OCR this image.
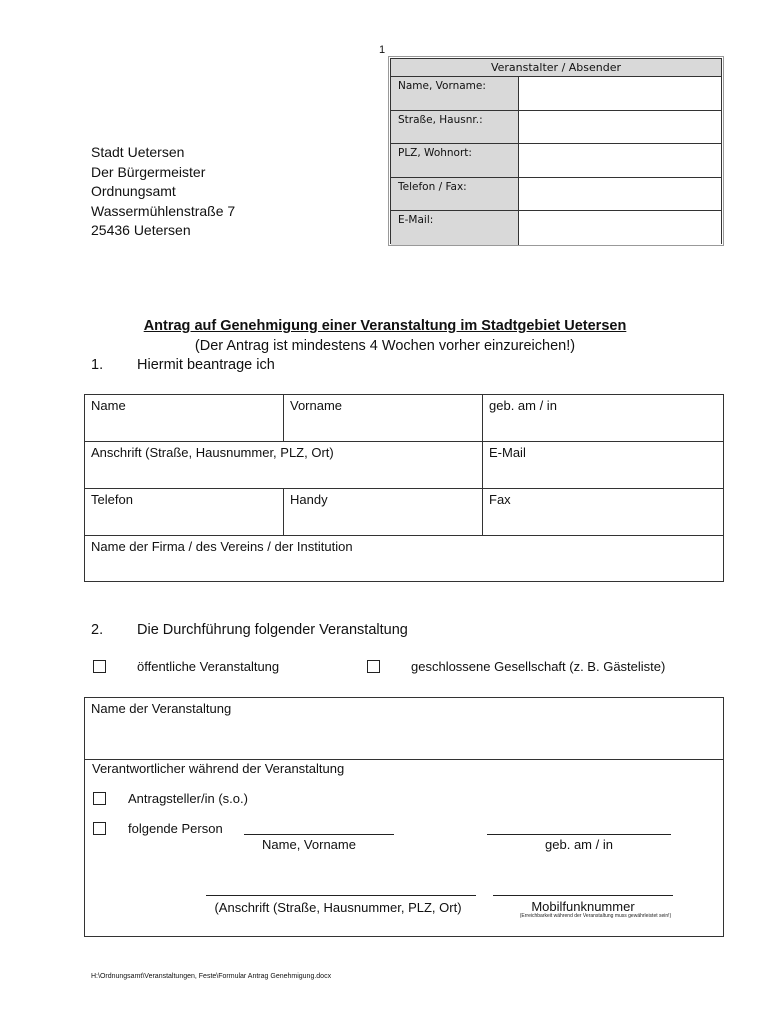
1
Veranstalter / Absender
Name, Vorname:
Straße, Hausnr.:
PLZ, Wohnort:
Telefon / Fax:
E-Mail:
Stadt Uetersen
Der Bürgermeister
Ordnungsamt
Wassermühlenstraße 7
25436 Uetersen
Antrag auf Genehmigung einer Veranstaltung im Stadtgebiet Uetersen
(Der Antrag ist mindestens 4 Wochen vorher einzureichen!)
1. Hiermit beantrage ich
Name	Vorname	geb. am / in
Anschrift (Straße, Hausnummer, PLZ, Ort)	E-Mail
Telefon	Handy	Fax
Name der Firma / des Vereins / der Institution
2. Die Durchführung folgender Veranstaltung
öffentliche Veranstaltung	geschlossene Gesellschaft (z. B. Gästeliste)
Name der Veranstaltung
Verantwortlicher während der Veranstaltung
Antragsteller/in (s.o.)
folgende Person
Name, Vorname	geb. am / in
(Anschrift (Straße, Hausnummer, PLZ, Ort)	Mobilfunknummer
(Erreichbarkeit während der Veranstaltung muss gewährleistet sein!)
H:\Ordnungsamt\Veranstaltungen, Feste\Formular Antrag Genehmigung.docx
